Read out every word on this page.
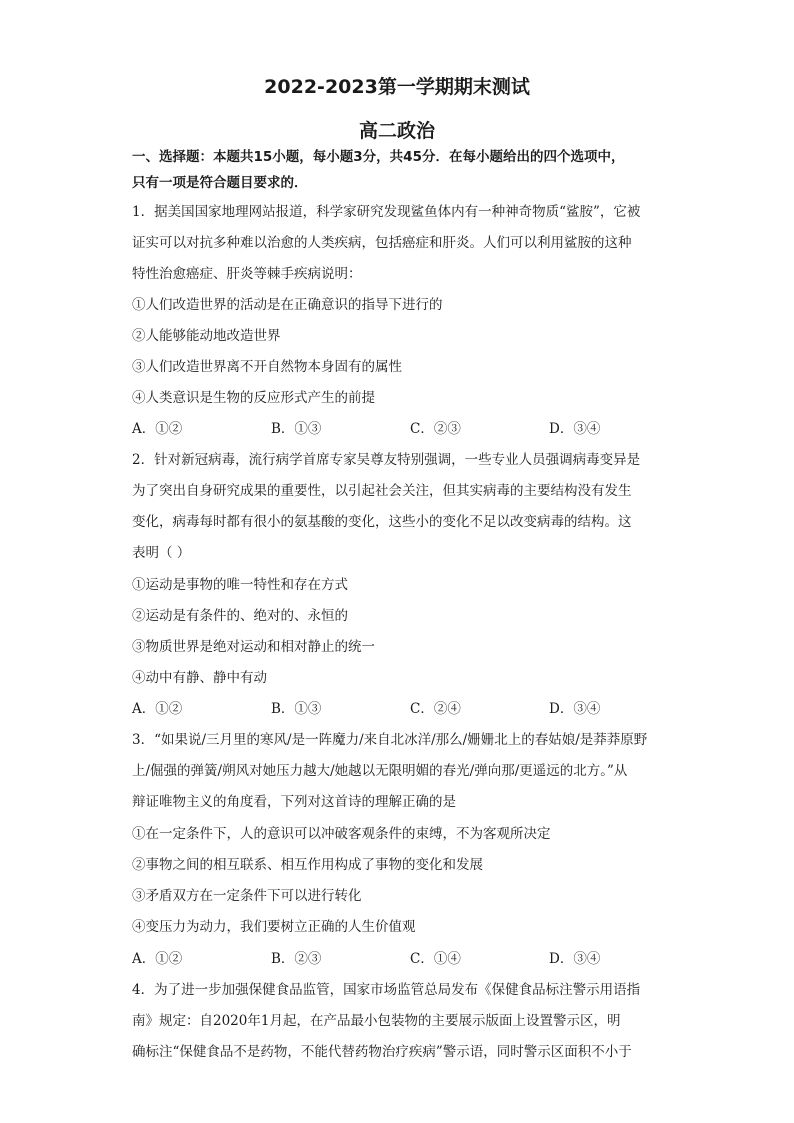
2022-2023第一学期期末测试
高二政治
一、选择题：本题共15小题，每小题3分，共45分．在每小题给出的四个选项中，
只有一项是符合题目要求的．
1．据美国国家地理网站报道，科学家研究发现鲨鱼体内有一种神奇物质“鲨胺”，它被
证实可以对抗多种难以治愈的人类疾病，包括癌症和肝炎。人们可以利用鲨胺的这种
特性治愈癌症、肝炎等棘手疾病说明：
①人们改造世界的活动是在正确意识的指导下进行的
②人能够能动地改造世界
③人们改造世界离不开自然物本身固有的属性
④人类意识是生物的反应形式产生的前提
A．①②	B．①③	C．②③	D．③④
2．针对新冠病毒，流行病学首席专家吴尊友特别强调，一些专业人员强调病毒变异是
为了突出自身研究成果的重要性，以引起社会关注，但其实病毒的主要结构没有发生
变化，病毒每时都有很小的氨基酸的变化，这些小的变化不足以改变病毒的结构。这
表明（ ）
①运动是事物的唯一特性和存在方式
②运动是有条件的、绝对的、永恒的
③物质世界是绝对运动和相对静止的统一
④动中有静、静中有动
A．①②	B．①③	C．②④	D．③④
3．“如果说/三月里的寒风/是一阵魔力/来自北冰洋/那么/姗姗北上的春姑娘/是莽莽原野
上/倔强的弹簧/朔风对她压力越大/她越以无限明媚的春光/弹向那/更遥远的北方。”从
辩证唯物主义的角度看，下列对这首诗的理解正确的是
①在一定条件下，人的意识可以冲破客观条件的束缚，不为客观所决定
②事物之间的相互联系、相互作用构成了事物的变化和发展
③矛盾双方在一定条件下可以进行转化
④变压力为动力，我们要树立正确的人生价值观
A．①②	B．②③	C．①④	D．③④
4．为了进一步加强保健食品监管，国家市场监管总局发布《保健食品标注警示用语指
南》规定：自2020年1月起，在产品最小包装物的主要展示版面上设置警示区，明
确标注“保健食品不是药物，不能代替药物治疗疾病”警示语，同时警示区面积不小于
